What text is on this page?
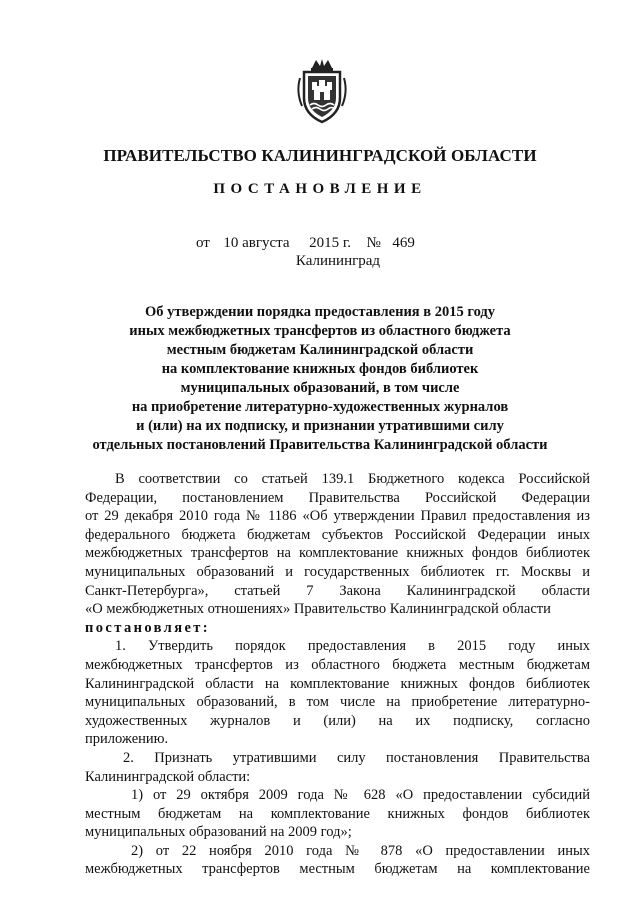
ПРАВИТЕЛЬСТВО КАЛИНИНГРАДСКОЙ ОБЛАСТИ
ПОСТАНОВЛЕНИЕ
от 10 августа 2015 г. № 469
Калининград
Об утверждении порядка предоставления в 2015 году
иных межбюджетных трансфертов из областного бюджета
местным бюджетам Калининградской области
на комплектование книжных фондов библиотек
муниципальных образований, в том числе
на приобретение литературно-художественных журналов
и (или) на их подписку, и признании утратившими силу
отдельных постановлений Правительства Калининградской области
В соответствии со статьей 139.1 Бюджетного кодекса Российской
Федерации, постановлением Правительства Российской Федерации
от 29 декабря 2010 года № 1186 «Об утверждении Правил предоставления из
федерального бюджета бюджетам субъектов Российской Федерации иных
межбюджетных трансфертов на комплектование книжных фондов библиотек
муниципальных образований и государственных библиотек гг. Москвы и
Санкт-Петербурга», статьей 7 Закона Калининградской области
«О межбюджетных отношениях» Правительство Калининградской области
постановляет:
1. Утвердить порядок предоставления в 2015 году иных
межбюджетных трансфертов из областного бюджета местным бюджетам
Калининградской области на комплектование книжных фондов библиотек
муниципальных образований, в том числе на приобретение литературно-
художественных журналов и (или) на их подписку, согласно
приложению.
2. Признать утратившими силу постановления Правительства
Калининградской области:
1) от 29 октября 2009 года № 628 «О предоставлении субсидий
местным бюджетам на комплектование книжных фондов библиотек
муниципальных образований на 2009 год»;
2) от 22 ноября 2010 года № 878 «О предоставлении иных
межбюджетных трансфертов местным бюджетам на комплектование
